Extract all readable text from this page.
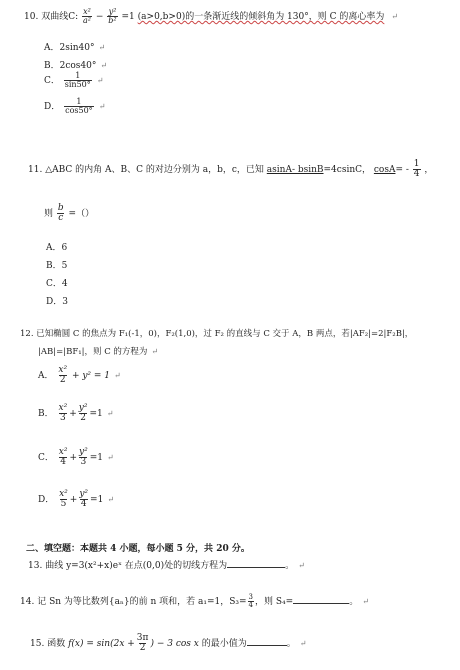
10. 双曲线C: $\frac{\text{x²}}{\text{a²}} - \frac{\text{y²}}{\text{b²}} =1$ (a>0,b>0)的一条渐近线的倾斜角为 130°，则 C 的离心率为 ↵
A．2sin40° ↵
B．2cos40° ↵
C． $\frac{1}{\sin 50^\circ}$ ↵
D． $\frac{1}{\cos 50^\circ}$ ↵
11. △ABC 的内角 A、B、C 的对边分别为 a，b，c，已知 asinA- bsinB=4csinC， $\cos A= - \frac{1}{4}$ ，
则 $\frac{b}{c}$ =（）
A．6
B．5
C．4
D．3
12. 已知椭圆 C 的焦点为 F₁(-1，0)，F₂(1,0)，过 F₂ 的直线与 C 交于 A，B 两点，若|AF₂|=2|F₂B|，
|AB|=|BF₁|，则 C 的方程为 ↵
A． $\frac{\text{x²}}{2} + y^2 = 1$ ↵
B． $\frac{\text{x²}}{3} + \frac{\text{y²}}{2} =1$ ↵
C． $\frac{\text{x²}}{4} + \frac{\text{y²}}{3} =1$ ↵
D． $\frac{\text{x²}}{5} + \frac{\text{y²}}{4} =1$ ↵
二、填空题：本题共 4 小题，每小题 5 分，共 20 分。
13. 曲线 y=3(x²+x)eˣ 在点(0,0)处的切线方程为	。 ↵
14. 记 Sn 为等比数列{aₙ}的前 n 项和，若 a₁=1，$S_3= \frac{3}{4}$ ，则 S₄=	。 ↵
15. 函数 $f(x) = \sin(2x + \frac{3\pi}{2}$ ) − 3 cos x 的最小值为	。 ↵
